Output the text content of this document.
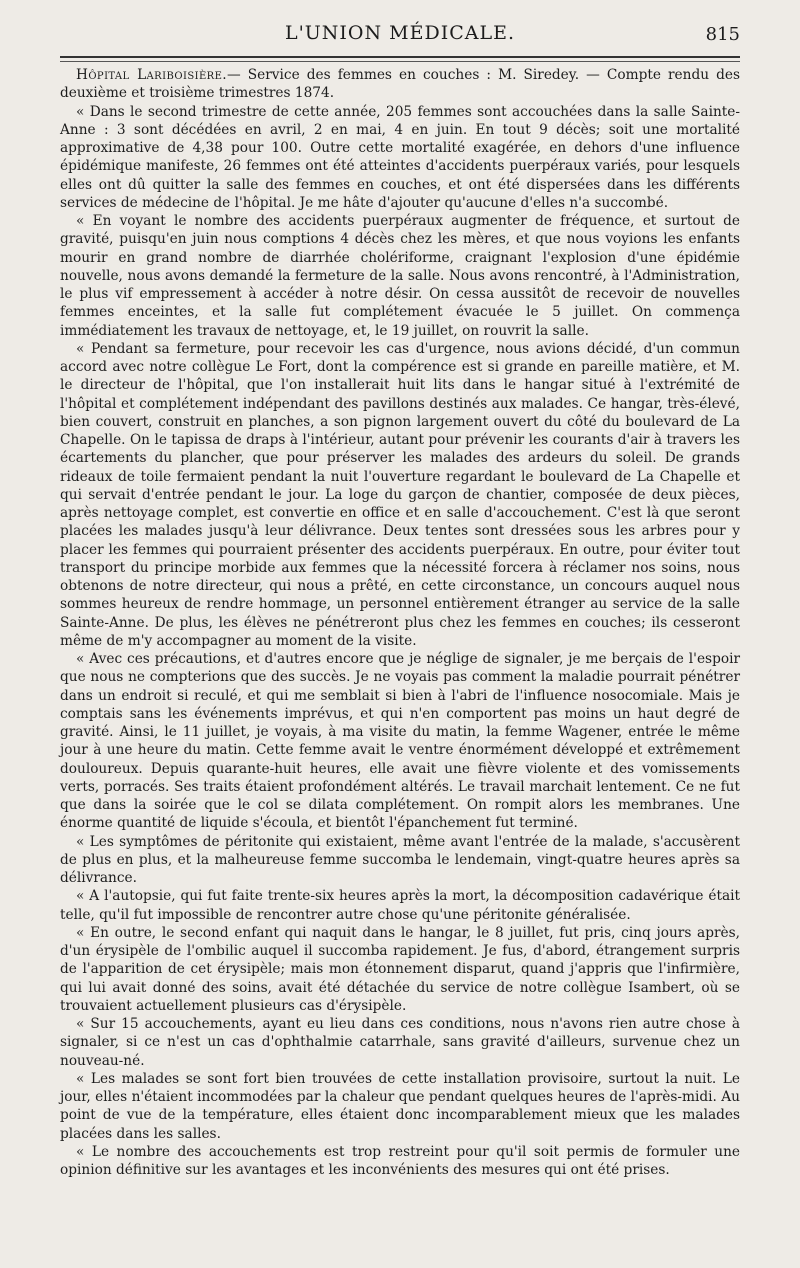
L'UNION MÉDICALE.	815

Hôpital Lariboisière.— Service des femmes en couches : M. Siredey. — Compte rendu des deuxième et troisième trimestres 1874.

« Dans le second trimestre de cette année, 205 femmes sont accouchées dans la salle Sainte-Anne : 3 sont décédées en avril, 2 en mai, 4 en juin. En tout 9 décès; soit une mortalité approximative de 4,38 pour 100. Outre cette mortalité exagérée, en dehors d'une influence épidémique manifeste, 26 femmes ont été atteintes d'accidents puerpéraux variés, pour lesquels elles ont dû quitter la salle des femmes en couches, et ont été dispersées dans les différents services de médecine de l'hôpital. Je me hâte d'ajouter qu'aucune d'elles n'a succombé.

« En voyant le nombre des accidents puerpéraux augmenter de fréquence, et surtout de gravité, puisqu'en juin nous comptions 4 décès chez les mères, et que nous voyions les enfants mourir en grand nombre de diarrhée cholériforme, craignant l'explosion d'une épidémie nouvelle, nous avons demandé la fermeture de la salle. Nous avons rencontré, à l'Administration, le plus vif empressement à accéder à notre désir. On cessa aussitôt de recevoir de nouvelles femmes enceintes, et la salle fut complétement évacuée le 5 juillet. On commença immédiatement les travaux de nettoyage, et, le 19 juillet, on rouvrit la salle.

« Pendant sa fermeture, pour recevoir les cas d'urgence, nous avions décidé, d'un commun accord avec notre collègue Le Fort, dont la compérence est si grande en pareille matière, et M. le directeur de l'hôpital, que l'on installerait huit lits dans le hangar situé à l'extrémité de l'hôpital et complétement indépendant des pavillons destinés aux malades. Ce hangar, très-élevé, bien couvert, construit en planches, a son pignon largement ouvert du côté du boulevard de La Chapelle. On le tapissa de draps à l'intérieur, autant pour prévenir les courants d'air à travers les écartements du plancher, que pour préserver les malades des ardeurs du soleil. De grands rideaux de toile fermaient pendant la nuit l'ouverture regardant le boulevard de La Chapelle et qui servait d'entrée pendant le jour. La loge du garçon de chantier, composée de deux pièces, après nettoyage complet, est convertie en office et en salle d'accouchement. C'est là que seront placées les malades jusqu'à leur délivrance. Deux tentes sont dressées sous les arbres pour y placer les femmes qui pourraient présenter des accidents puerpéraux. En outre, pour éviter tout transport du principe morbide aux femmes que la nécessité forcera à réclamer nos soins, nous obtenons de notre directeur, qui nous a prêté, en cette circonstance, un concours auquel nous sommes heureux de rendre hommage, un personnel entièrement étranger au service de la salle Sainte-Anne. De plus, les élèves ne pénétreront plus chez les femmes en couches; ils cesseront même de m'y accompagner au moment de la visite.

« Avec ces précautions, et d'autres encore que je néglige de signaler, je me berçais de l'espoir que nous ne compterions que des succès. Je ne voyais pas comment la maladie pourrait pénétrer dans un endroit si reculé, et qui me semblait si bien à l'abri de l'influence nosocomiale. Mais je comptais sans les événements imprévus, et qui n'en comportent pas moins un haut degré de gravité. Ainsi, le 11 juillet, je voyais, à ma visite du matin, la femme Wagener, entrée le même jour à une heure du matin. Cette femme avait le ventre énormément développé et extrêmement douloureux. Depuis quarante-huit heures, elle avait une fièvre violente et des vomissements verts, porracés. Ses traits étaient profondément altérés. Le travail marchait lentement. Ce ne fut que dans la soirée que le col se dilata complétement. On rompit alors les membranes. Une énorme quantité de liquide s'écoula, et bientôt l'épanchement fut terminé.

« Les symptômes de péritonite qui existaient, même avant l'entrée de la malade, s'accusèrent de plus en plus, et la malheureuse femme succomba le lendemain, vingt-quatre heures après sa délivrance.

« A l'autopsie, qui fut faite trente-six heures après la mort, la décomposition cadavérique était telle, qu'il fut impossible de rencontrer autre chose qu'une péritonite généralisée.

« En outre, le second enfant qui naquit dans le hangar, le 8 juillet, fut pris, cinq jours après, d'un érysipèle de l'ombilic auquel il succomba rapidement. Je fus, d'abord, étrangement surpris de l'apparition de cet érysipèle; mais mon étonnement disparut, quand j'appris que l'infirmière, qui lui avait donné des soins, avait été détachée du service de notre collègue Isambert, où se trouvaient actuellement plusieurs cas d'érysipèle.

« Sur 15 accouchements, ayant eu lieu dans ces conditions, nous n'avons rien autre chose à signaler, si ce n'est un cas d'ophthalmie catarrhale, sans gravité d'ailleurs, survenue chez un nouveau-né.

« Les malades se sont fort bien trouvées de cette installation provisoire, surtout la nuit. Le jour, elles n'étaient incommodées par la chaleur que pendant quelques heures de l'après-midi. Au point de vue de la température, elles étaient donc incomparablement mieux que les malades placées dans les salles.

« Le nombre des accouchements est trop restreint pour qu'il soit permis de formuler une opinion définitive sur les avantages et les inconvénients des mesures qui ont été prises.
